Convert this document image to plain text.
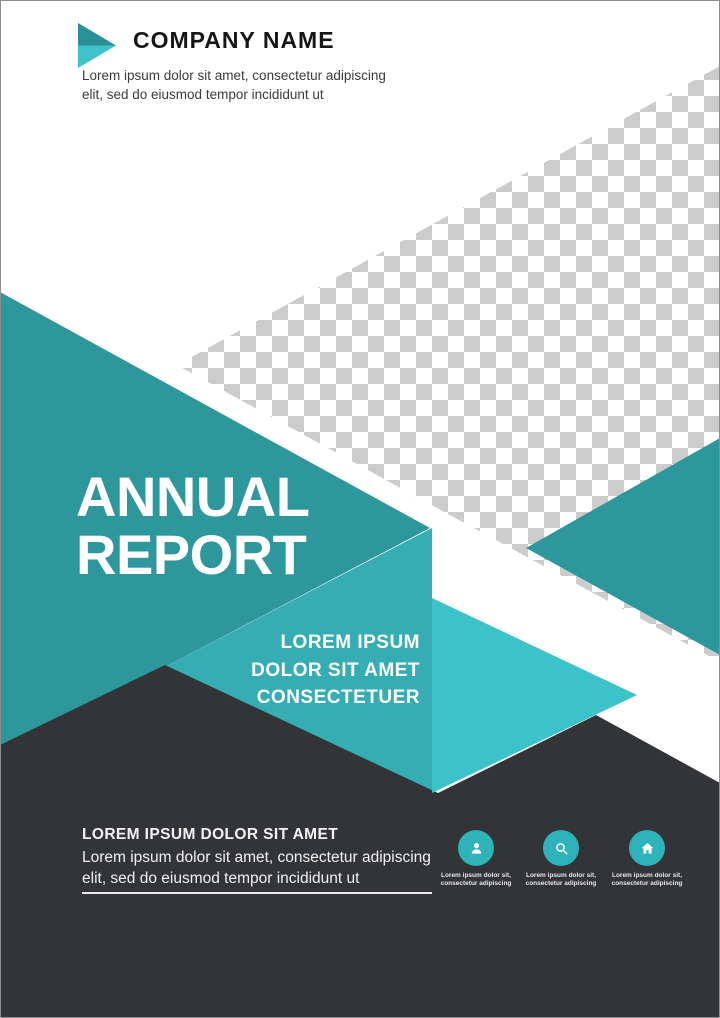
COMPANY NAME
Lorem ipsum dolor sit amet, consectetur adipiscing
elit, sed do eiusmod tempor incididunt ut
ANNUAL
REPORT
LOREM IPSUM
DOLOR SIT AMET
CONSECTETUER
LOREM IPSUM DOLOR SIT AMET
Lorem ipsum dolor sit amet, consectetur adipiscing
elit, sed do eiusmod tempor incididunt ut	Lorem ipsum dolor sit,
consectetur adipiscing
Lorem ipsum dolor sit,
consectetur adipiscing
Lorem ipsum dolor sit,
consectetur adipiscing
